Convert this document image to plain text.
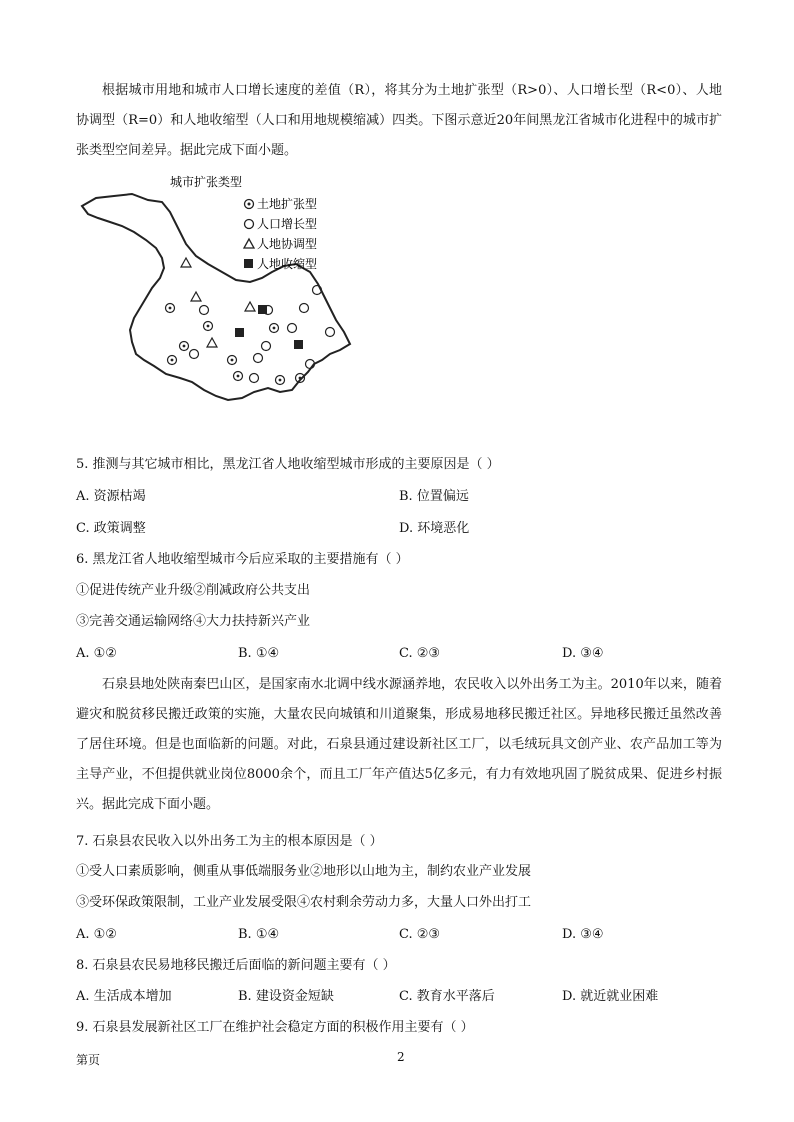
根据城市用地和城市人口增长速度的差值（R），将其分为土地扩张型（R>0）、人口增长型（R<0）、人地协调型（R=0）和人地收缩型（人口和用地规模缩减）四类。下图示意近20年间黑龙江省城市化进程中的城市扩张类型空间差异。据此完成下面小题。
城市扩张类型
土地扩张型
人口增长型
人地协调型
人地收缩型
5. 推测与其它城市相比，黑龙江省人地收缩型城市形成的主要原因是（ ）
A. 资源枯竭	B. 位置偏远
C. 政策调整	D. 环境恶化
6. 黑龙江省人地收缩型城市今后应采取的主要措施有（ ）
①促进传统产业升级②削减政府公共支出
③完善交通运输网络④大力扶持新兴产业
A. ①②	B. ①④	C. ②③	D. ③④
石泉县地处陕南秦巴山区，是国家南水北调中线水源涵养地，农民收入以外出务工为主。2010年以来，随着避灾和脱贫移民搬迁政策的实施，大量农民向城镇和川道聚集，形成易地移民搬迁社区。异地移民搬迁虽然改善了居住环境。但是也面临新的问题。对此，石泉县通过建设新社区工厂，以毛绒玩具文创产业、农产品加工等为主导产业，不但提供就业岗位8000余个，而且工厂年产值达5亿多元，有力有效地巩固了脱贫成果、促进乡村振兴。据此完成下面小题。
7. 石泉县农民收入以外出务工为主的根本原因是（ ）
①受人口素质影响，侧重从事低端服务业②地形以山地为主，制约农业产业发展
③受环保政策限制，工业产业发展受限④农村剩余劳动力多，大量人口外出打工
A. ①②	B. ①④	C. ②③	D. ③④
8. 石泉县农民易地移民搬迁后面临的新问题主要有（ ）
A. 生活成本增加	B. 建设资金短缺	C. 教育水平落后	D. 就近就业困难
9. 石泉县发展新社区工厂在维护社会稳定方面的积极作用主要有（ ）
第页	2
